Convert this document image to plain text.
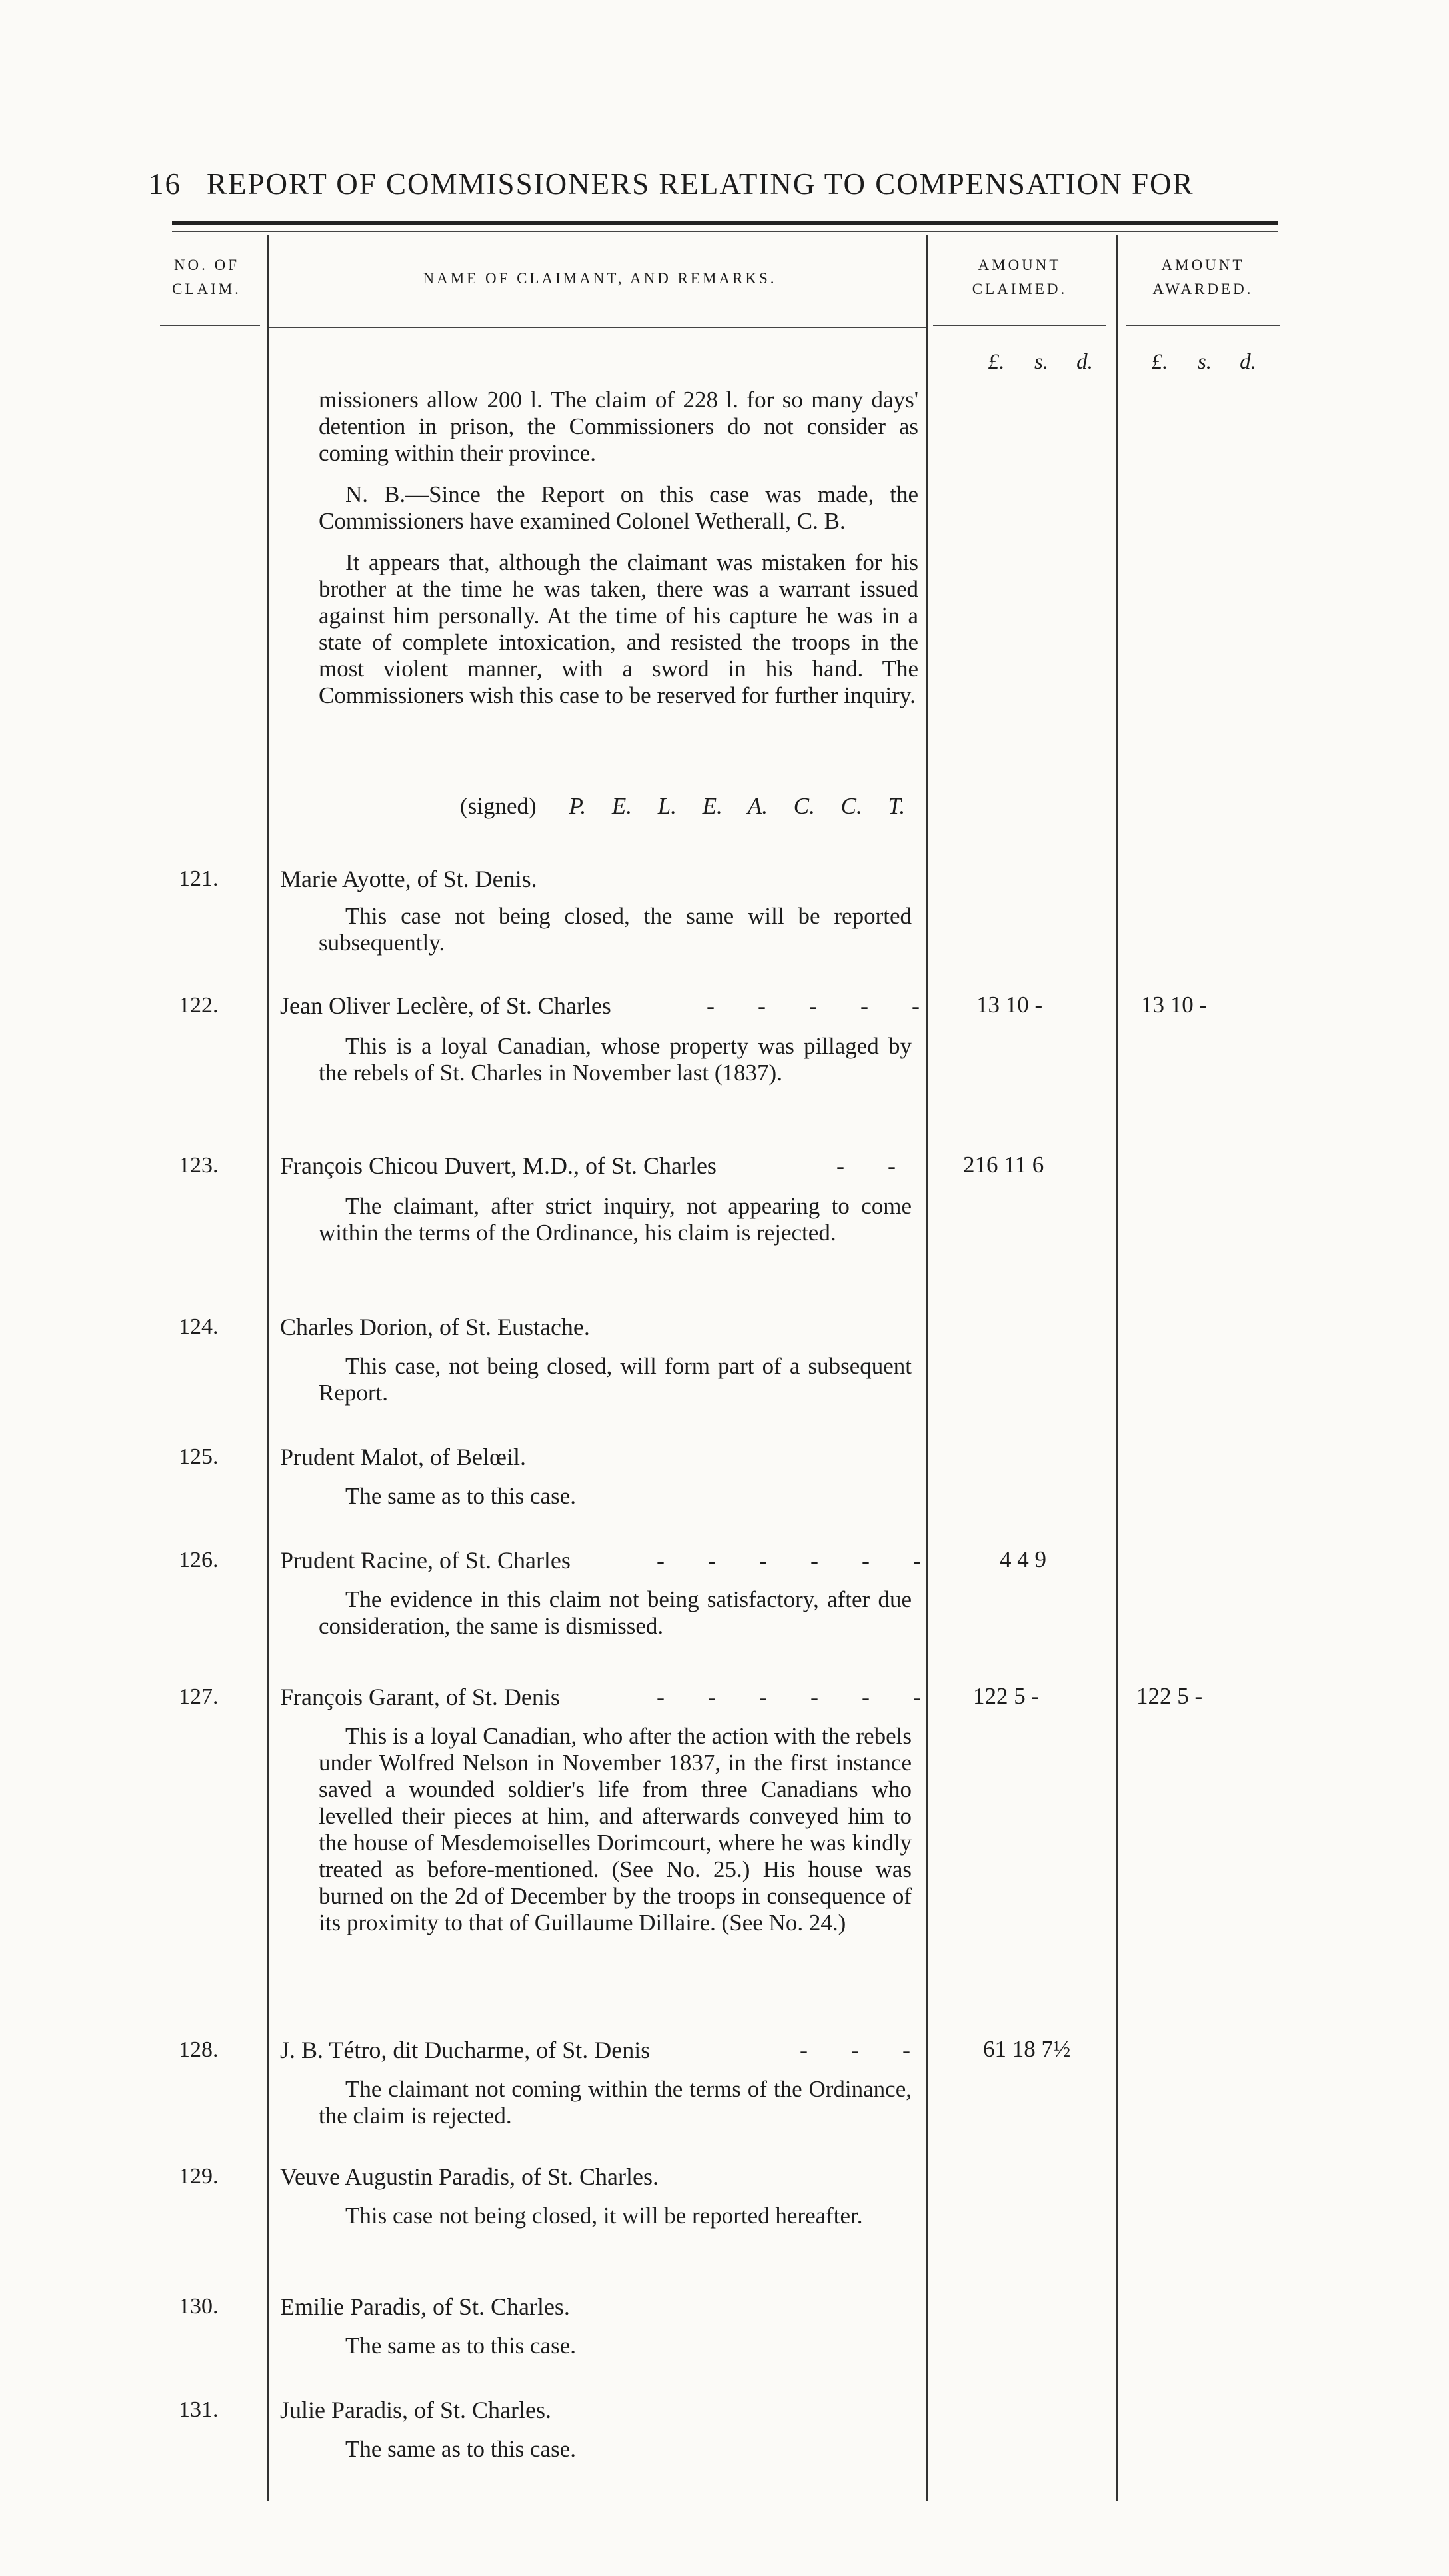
16 REPORT OF COMMISSIONERS RELATING TO COMPENSATION FOR
NO. OF CLAIM.
NAME OF CLAIMANT, AND REMARKS.
AMOUNT CLAIMED.
AMOUNT AWARDED.
£.	s.	d.	£.	s.	d.

missioners allow 200 l. The claim of 228 l. for so many days' detention in prison, the Commissioners do not consider as coming within their province.

N. B.—Since the Report on this case was made, the Commissioners have examined Colonel Wetherall, C. B.

It appears that, although the claimant was mistaken for his brother at the time he was taken, there was a warrant issued against him personally. At the time of his capture he was in a state of complete intoxication, and resisted the troops in the most violent manner, with a sword in his hand. The Commissioners wish this case to be reserved for further inquiry.

(signed) P. E. L. E. A. C. C. T.
121.	Marie Ayotte, of St. Denis.
This case not being closed, the same will be reported subsequently.
122.	Jean Oliver Leclère, of St. Charles	- - - - - 13 10 -	13 10 -
This is a loyal Canadian, whose property was pillaged by the rebels of St. Charles in November last (1837).
123.	François Chicou Duvert, M.D., of St. Charles	- - 216 11 6
The claimant, after strict inquiry, not appearing to come within the terms of the Ordinance, his claim is rejected.
124.	Charles Dorion, of St. Eustache.
This case, not being closed, will form part of a subsequent Report.
125.	Prudent Malot, of Belœil.
The same as to this case.
126.	Prudent Racine, of St. Charles	- - - - - -	4 4 9
The evidence in this claim not being satisfactory, after due consideration, the same is dismissed.
127.	François Garant, of St. Denis	- - - - - - 122 5 -	122 5 -
This is a loyal Canadian, who after the action with the rebels under Wolfred Nelson in November 1837, in the first instance saved a wounded soldier's life from three Canadians who levelled their pieces at him, and afterwards conveyed him to the house of Mesdemoiselles Dorimcourt, where he was kindly treated as before-mentioned. (See No. 25.) His house was burned on the 2d of December by the troops in consequence of its proximity to that of Guillaume Dillaire. (See No. 24.)
128.	J. B. Tétro, dit Ducharme, of St. Denis	- - - 61 18 7½
The claimant not coming within the terms of the Ordinance, the claim is rejected.
129.	Veuve Augustin Paradis, of St. Charles.
This case not being closed, it will be reported hereafter.
130.	Emilie Paradis, of St. Charles.
The same as to this case.
131.	Julie Paradis, of St. Charles.
The same as to this case.
